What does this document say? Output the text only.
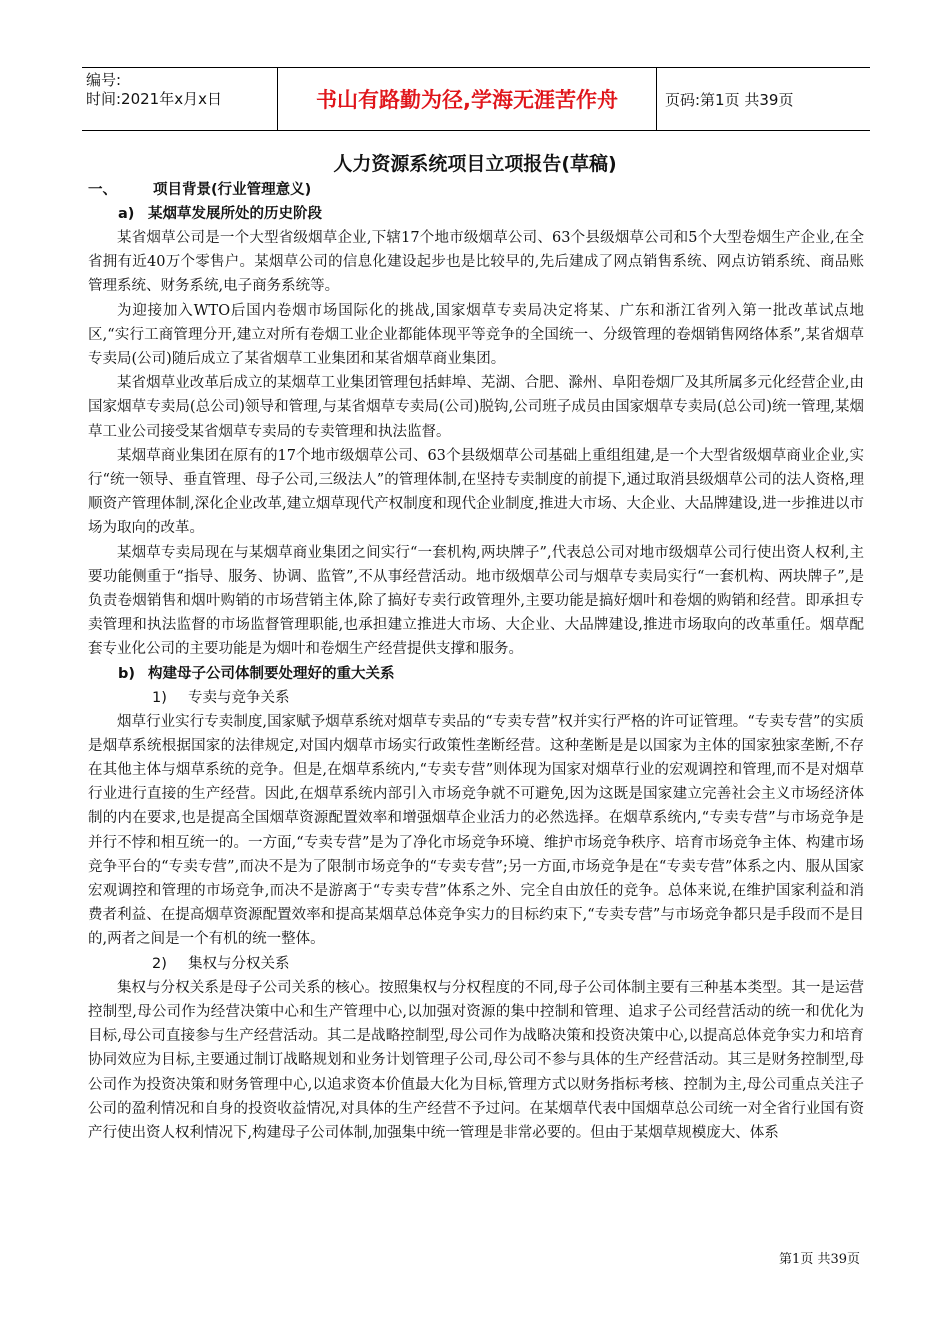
编号:
时间:2021年x月x日	书山有路勤为径,学海无涯苦作舟	页码:第1页 共39页
人力资源系统项目立项报告(草稿)
一、 项目背景(行业管理意义)
a) 某烟草发展所处的历史阶段

某省烟草公司是一个大型省级烟草企业,下辖17个地市级烟草公司、63个县级烟草公司和5个大型卷烟生产企业,在全省拥有近40万个零售户。某烟草公司的信息化建设起步也是比较早的,先后建成了网点销售系统、网点访销系统、商品账管理系统、财务系统,电子商务系统等。

为迎接加入WTO后国内卷烟市场国际化的挑战,国家烟草专卖局决定将某、广东和浙江省列入第一批改革试点地区,“实行工商管理分开,建立对所有卷烟工业企业都能体现平等竞争的全国统一、分级管理的卷烟销售网络体系”,某省烟草专卖局(公司)随后成立了某省烟草工业集团和某省烟草商业集团。

某省烟草业改革后成立的某烟草工业集团管理包括蚌埠、芜湖、合肥、滁州、阜阳卷烟厂及其所属多元化经营企业,由国家烟草专卖局(总公司)领导和管理,与某省烟草专卖局(公司)脱钩,公司班子成员由国家烟草专卖局(总公司)统一管理,某烟草工业公司接受某省烟草专卖局的专卖管理和执法监督。

某烟草商业集团在原有的17个地市级烟草公司、63个县级烟草公司基础上重组组建,是一个大型省级烟草商业企业,实行“统一领导、垂直管理、母子公司,三级法人”的管理体制,在坚持专卖制度的前提下,通过取消县级烟草公司的法人资格,理顺资产管理体制,深化企业改革,建立烟草现代产权制度和现代企业制度,推进大市场、大企业、大品牌建设,进一步推进以市场为取向的改革。

某烟草专卖局现在与某烟草商业集团之间实行“一套机构,两块牌子”,代表总公司对地市级烟草公司行使出资人权利,主要功能侧重于“指导、服务、协调、监管”,不从事经营活动。地市级烟草公司与烟草专卖局实行“一套机构、两块牌子”,是负责卷烟销售和烟叶购销的市场营销主体,除了搞好专卖行政管理外,主要功能是搞好烟叶和卷烟的购销和经营。即承担专卖管理和执法监督的市场监督管理职能,也承担建立推进大市场、大企业、大品牌建设,推进市场取向的改革重任。烟草配套专业化公司的主要功能是为烟叶和卷烟生产经营提供支撑和服务。

b) 构建母子公司体制要处理好的重大关系
1) 专卖与竞争关系

烟草行业实行专卖制度,国家赋予烟草系统对烟草专卖品的“专卖专营”权并实行严格的许可证管理。“专卖专营”的实质是烟草系统根据国家的法律规定,对国内烟草市场实行政策性垄断经营。这种垄断是是以国家为主体的国家独家垄断,不存在其他主体与烟草系统的竞争。但是,在烟草系统内,“专卖专营”则体现为国家对烟草行业的宏观调控和管理,而不是对烟草行业进行直接的生产经营。因此,在烟草系统内部引入市场竞争就不可避免,因为这既是国家建立完善社会主义市场经济体制的内在要求,也是提高全国烟草资源配置效率和增强烟草企业活力的必然选择。在烟草系统内,“专卖专营”与市场竞争是并行不悖和相互统一的。一方面,“专卖专营”是为了净化市场竞争环境、维护市场竞争秩序、培育市场竞争主体、构建市场竞争平台的“专卖专营”,而决不是为了限制市场竞争的“专卖专营”;另一方面,市场竞争是在“专卖专营”体系之内、服从国家宏观调控和管理的市场竞争,而决不是游离于“专卖专营”体系之外、完全自由放任的竞争。总体来说,在维护国家利益和消费者利益、在提高烟草资源配置效率和提高某烟草总体竞争实力的目标约束下,“专卖专营”与市场竞争都只是手段而不是目的,两者之间是一个有机的统一整体。

2) 集权与分权关系

集权与分权关系是母子公司关系的核心。按照集权与分权程度的不同,母子公司体制主要有三种基本类型。其一是运营控制型,母公司作为经营决策中心和生产管理中心,以加强对资源的集中控制和管理、追求子公司经营活动的统一和优化为目标,母公司直接参与生产经营活动。其二是战略控制型,母公司作为战略决策和投资决策中心,以提高总体竞争实力和培育协同效应为目标,主要通过制订战略规划和业务计划管理子公司,母公司不参与具体的生产经营活动。其三是财务控制型,母公司作为投资决策和财务管理中心,以追求资本价值最大化为目标,管理方式以财务指标考核、控制为主,母公司重点关注子公司的盈利情况和自身的投资收益情况,对具体的生产经营不予过问。在某烟草代表中国烟草总公司统一对全省行业国有资产行使出资人权利情况下,构建母子公司体制,加强集中统一管理是非常必要的。但由于某烟草规模庞大、体系

第1页 共39页
